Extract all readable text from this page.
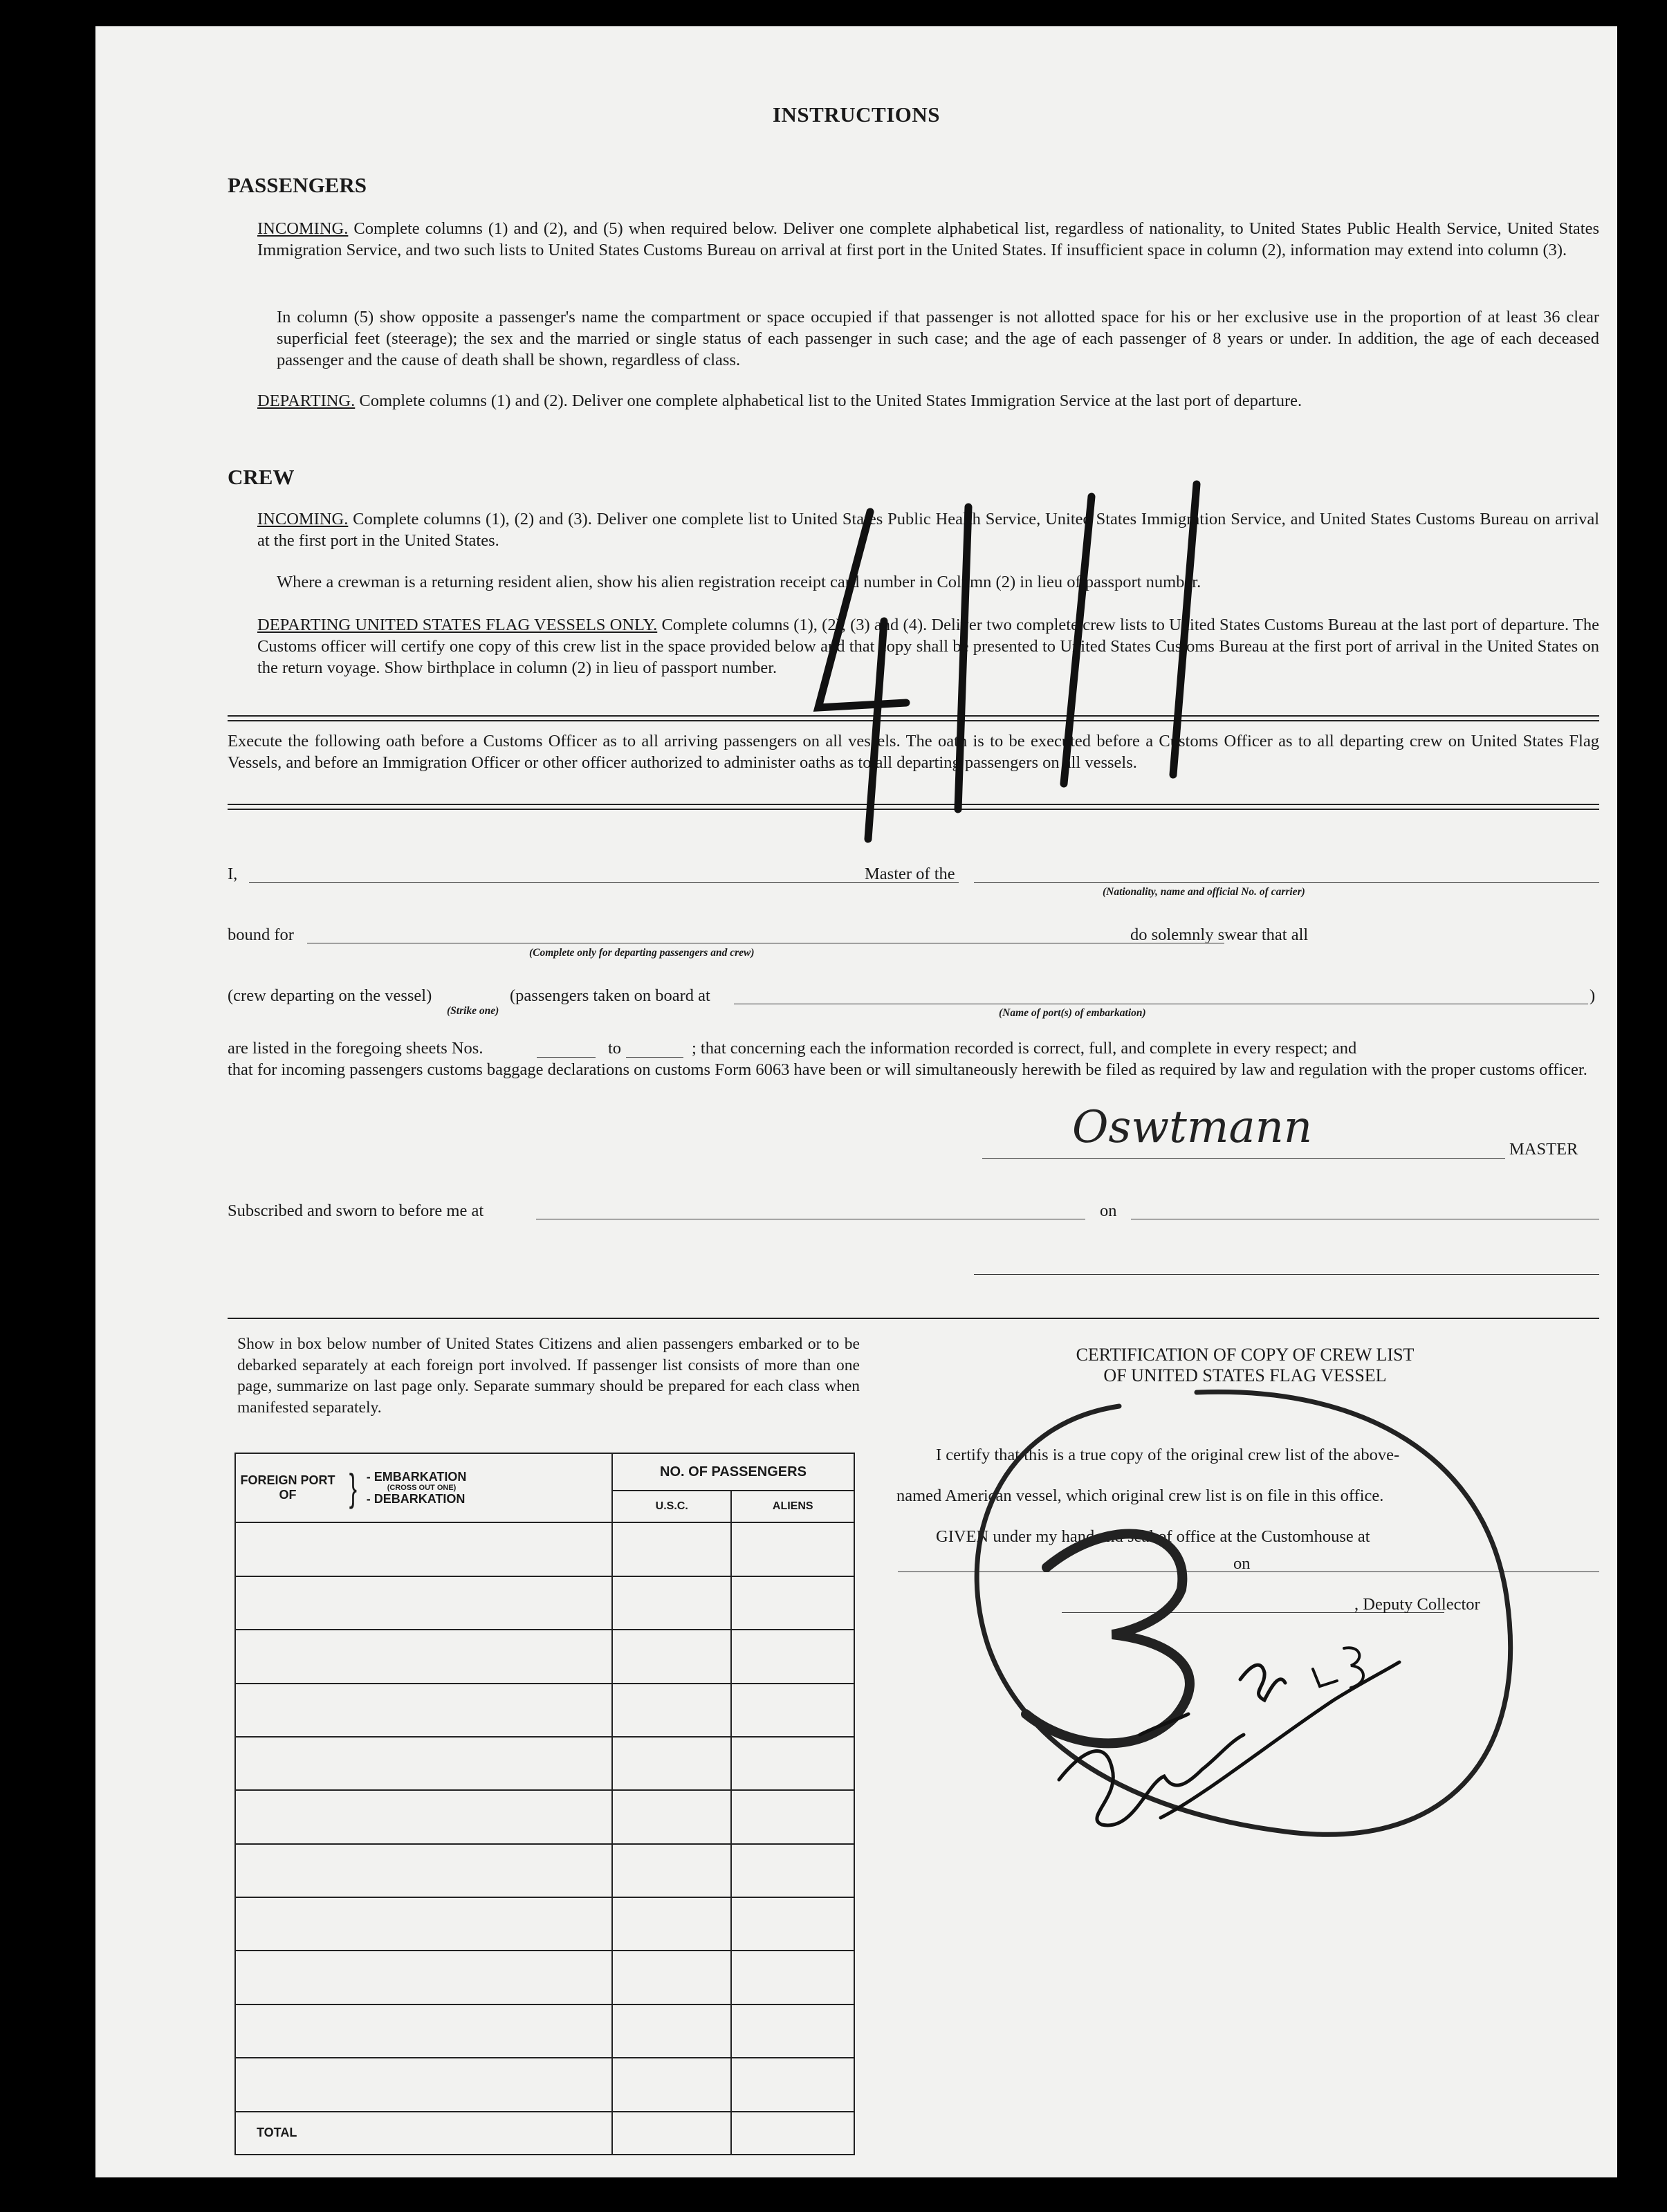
INSTRUCTIONS
PASSENGERS
INCOMING. Complete columns (1) and (2), and (5) when required below. Deliver one complete alphabetical list, regardless of nationality, to United States Public Health Service, United States Immigration Service, and two such lists to United States Customs Bureau on arrival at first port in the United States. If insufficient space in column (2), information may extend into column (3).
In column (5) show opposite a passenger's name the compartment or space occupied if that passenger is not allotted space for his or her exclusive use in the proportion of at least 36 clear superficial feet (steerage); the sex and the married or single status of each passenger in such case; and the age of each passenger of 8 years or under. In addition, the age of each deceased passenger and the cause of death shall be shown, regardless of class.
DEPARTING. Complete columns (1) and (2). Deliver one complete alphabetical list to the United States Immigration Service at the last port of departure.
CREW
INCOMING. Complete columns (1), (2) and (3). Deliver one complete list to United States Public Health Service, United States Immigration Service, and United States Customs Bureau on arrival at the first port in the United States.
Where a crewman is a returning resident alien, show his alien registration receipt card number in Column (2) in lieu of passport number.
DEPARTING UNITED STATES FLAG VESSELS ONLY. Complete columns (1), (2), (3) and (4). Deliver two complete crew lists to United States Customs Bureau at the last port of departure. The Customs officer will certify one copy of this crew list in the space provided below and that copy shall be presented to United States Customs Bureau at the first port of arrival in the United States on the return voyage. Show birthplace in column (2) in lieu of passport number.
Execute the following oath before a Customs Officer as to all arriving passengers on all vessels. The oath is to be executed before a Customs Officer as to all departing crew on United States Flag Vessels, and before an Immigration Officer or other officer authorized to administer oaths as to all departing passengers on all vessels.
I,	Master of the
(Nationality, name and official No. of carrier)
bound for
(Complete only for departing passengers and crew)
do solemnly swear that all
(crew departing on the vessel)	(passengers taken on board at	)
(Strike one)	(Name of port(s) of embarkation)
are listed in the foregoing sheets Nos.	to	; that concerning each the information recorded is correct, full, and complete in every respect; and
that for incoming passengers customs baggage declarations on customs Form 6063 have been or will simultaneously herewith be filed as required by law and regulation with the proper customs officer.
Oswtmann	MASTER
Subscribed and sworn to before me at	on
Show in box below number of United States Citizens and alien passengers embarked or to be debarked separately at each foreign port involved. If passenger list consists of more than one page, summarize on last page only. Separate summary should be prepared for each class when manifested separately.
FOREIGN PORT OF } - EMBARKATION
(CROSS OUT ONE)
- DEBARKATION	NO. OF PASSENGERS	
	U.S.C.	ALIENS

TOTAL		
CERTIFICATION OF COPY OF CREW LIST
OF UNITED STATES FLAG VESSEL
I certify that this is a true copy of the original crew list of the above-
named American vessel, which original crew list is on file in this office.
GIVEN under my hand and seal of office at the Customhouse at
on
, Deputy Collector
